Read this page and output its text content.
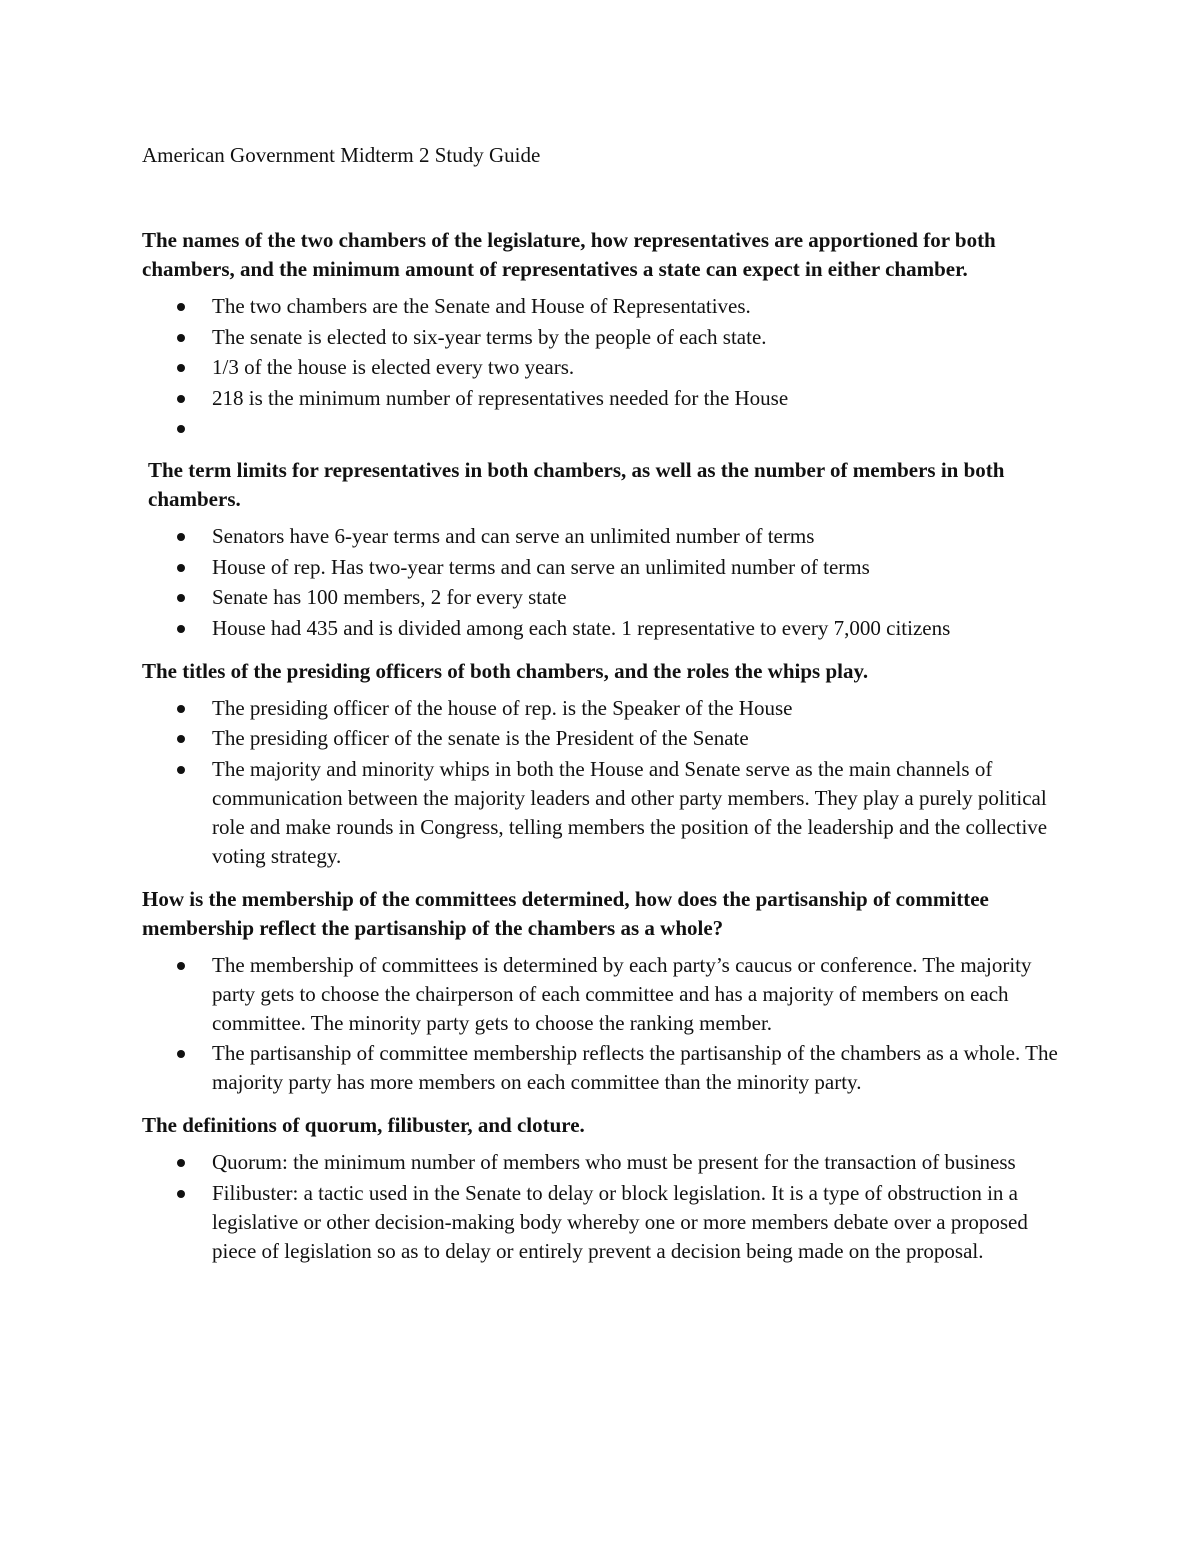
American Government Midterm 2 Study Guide
The names of the two chambers of the legislature, how representatives are apportioned for both chambers, and the minimum amount of representatives a state can expect in either chamber.
The two chambers are the Senate and House of Representatives.
The senate is elected to six-year terms by the people of each state.
1/3 of the house is elected every two years.
218 is the minimum number of representatives needed for the House
The term limits for representatives in both chambers, as well as the number of members in both chambers.
Senators have 6-year terms and can serve an unlimited number of terms
House of rep. Has two-year terms and can serve an unlimited number of terms
Senate has 100 members, 2 for every state
House had 435 and is divided among each state. 1 representative to every 7,000 citizens
The titles of the presiding officers of both chambers, and the roles the whips play.
The presiding officer of the house of rep. is the Speaker of the House
The presiding officer of the senate is the President of the Senate
The majority and minority whips in both the House and Senate serve as the main channels of communication between the majority leaders and other party members. They play a purely political role and make rounds in Congress, telling members the position of the leadership and the collective voting strategy.
How is the membership of the committees determined, how does the partisanship of committee membership reflect the partisanship of the chambers as a whole?
The membership of committees is determined by each party’s caucus or conference. The majority party gets to choose the chairperson of each committee and has a majority of members on each committee. The minority party gets to choose the ranking member.
The partisanship of committee membership reflects the partisanship of the chambers as a whole. The majority party has more members on each committee than the minority party.
The definitions of quorum, filibuster, and cloture.
Quorum: the minimum number of members who must be present for the transaction of business
Filibuster: a tactic used in the Senate to delay or block legislation. It is a type of obstruction in a legislative or other decision-making body whereby one or more members debate over a proposed piece of legislation so as to delay or entirely prevent a decision being made on the proposal.
